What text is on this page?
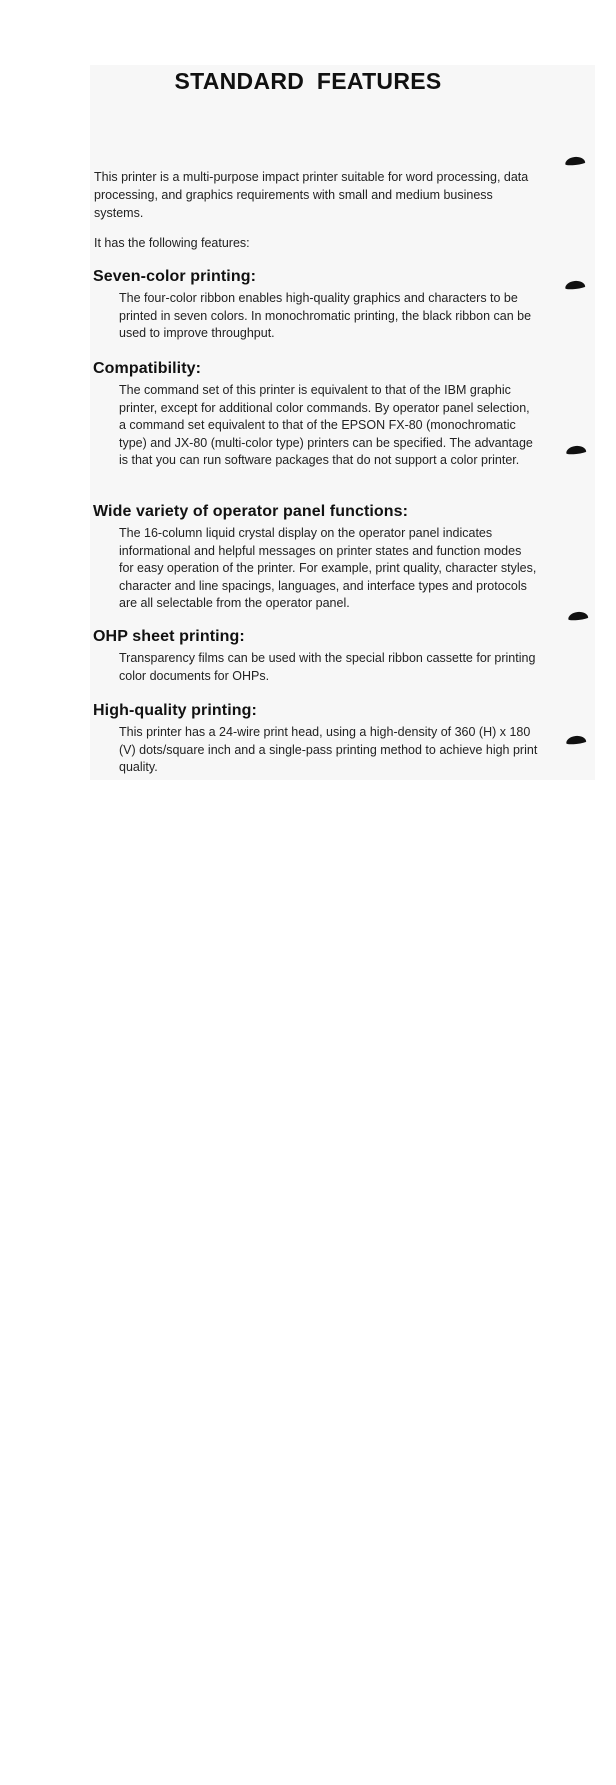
STANDARD FEATURES
This printer is a multi-purpose impact printer suitable for word processing, data processing, and graphics requirements with small and medium business systems.
It has the following features:
Seven-color printing:
The four-color ribbon enables high-quality graphics and characters to be printed in seven colors. In monochromatic printing, the black ribbon can be used to improve throughput.
Compatibility:
The command set of this printer is equivalent to that of the IBM graphic printer, except for additional color commands. By operator panel selection, a command set equivalent to that of the EPSON FX-80 (monochromatic type) and JX-80 (multi-color type) printers can be specified. The advantage is that you can run software packages that do not support a color printer.
Wide variety of operator panel functions:
The 16-column liquid crystal display on the operator panel indicates informational and helpful messages on printer states and function modes for easy operation of the printer. For example, print quality, character styles, character and line spacings, languages, and interface types and protocols are all selectable from the operator panel.
OHP sheet printing:
Transparency films can be used with the special ribbon cassette for printing color documents for OHPs.
High-quality printing:
This printer has a 24-wire print head, using a high-density of 360 (H) x 180 (V) dots/square inch and a single-pass printing method to achieve high print quality.
